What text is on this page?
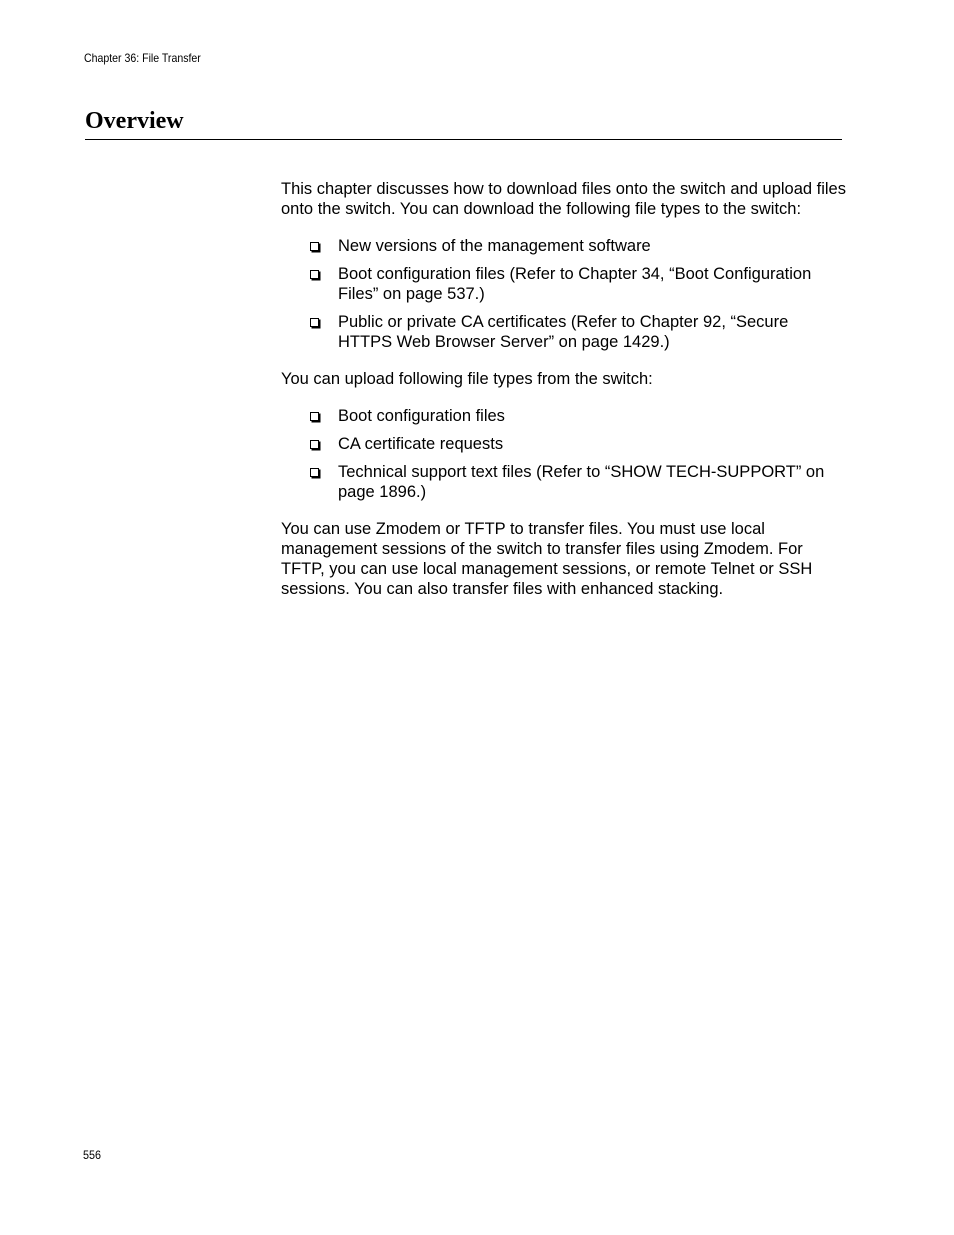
Chapter 36: File Transfer
Overview

This chapter discusses how to download files onto the switch and upload files onto the switch. You can download the following file types to the switch:

New versions of the management software
Boot configuration files (Refer to Chapter 34, “Boot Configuration Files” on page 537.)
Public or private CA certificates (Refer to Chapter 92, “Secure HTTPS Web Browser Server” on page 1429.)

You can upload following file types from the switch:

Boot configuration files
CA certificate requests
Technical support text files (Refer to “SHOW TECH-SUPPORT” on page 1896.)

You can use Zmodem or TFTP to transfer files. You must use local management sessions of the switch to transfer files using Zmodem. For TFTP, you can use local management sessions, or remote Telnet or SSH sessions. You can also transfer files with enhanced stacking.

556
